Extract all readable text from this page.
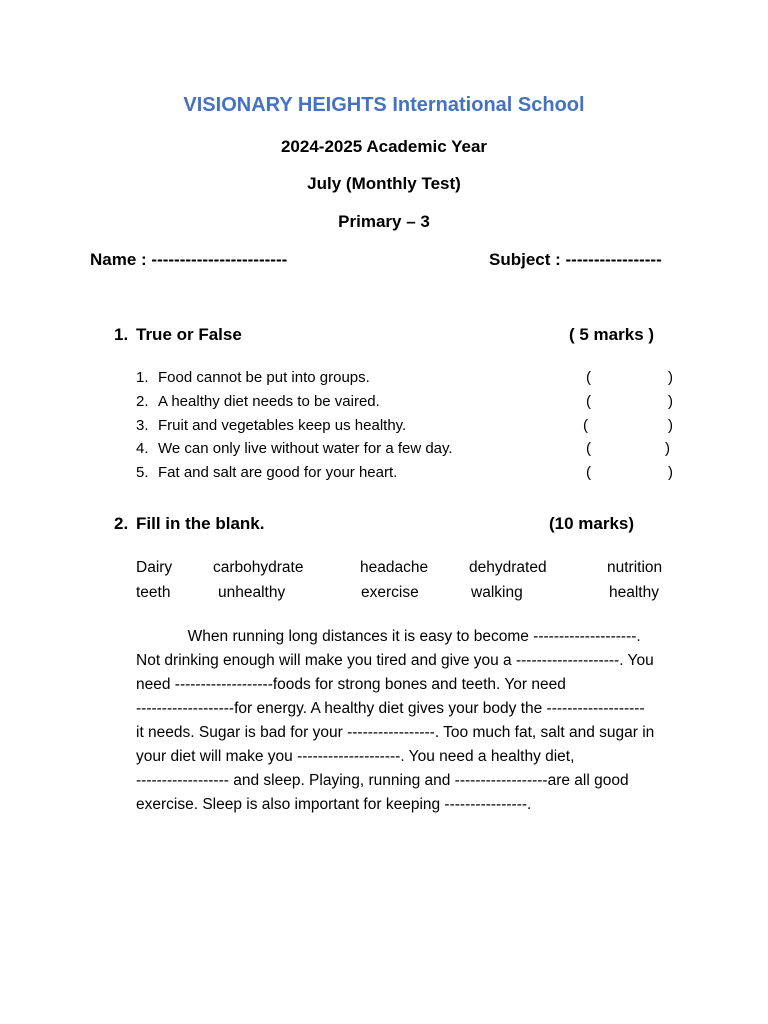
VISIONARY HEIGHTS International School
2024-2025 Academic Year
July (Monthly Test)
Primary – 3
Name : ------------------------	Subject : -----------------
1. True or False	( 5 marks )
1. Food cannot be put into groups.	(	)
2. A healthy diet needs to be vaired.	(	)
3. Fruit and vegetables keep us healthy.	(	)
4. We can only live without water for a few day.	(	)
5. Fat and salt are good for your heart.	(	)
2. Fill in the blank.	(10 marks)
Dairy	carbohydrate	headache	dehydrated	nutrition
teeth	unhealthy	exercise	walking	healthy
When running long distances it is easy to become --------------------.
Not drinking enough will make you tired and give you a --------------------. You
need -------------------foods for strong bones and teeth. Yor need
-------------------for energy. A healthy diet gives your body the -------------------
it needs. Sugar is bad for your -----------------. Too much fat, salt and sugar in
your diet will make you --------------------. You need a healthy diet,
------------------ and sleep. Playing, running and ------------------are all good
exercise. Sleep is also important for keeping ----------------.
